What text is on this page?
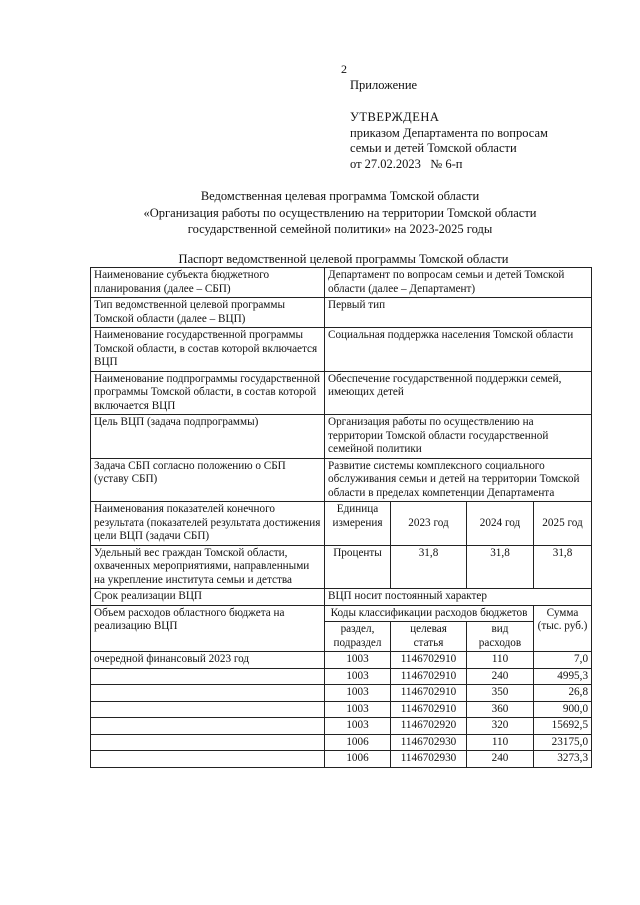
2
Приложение
УТВЕРЖДЕНА
приказом Департамента по вопросам
семьи и детей Томской области
от 27.02.2023   № 6-п
Ведомственная целевая программа Томской области
«Организация работы по осуществлению на территории Томской области
государственной семейной политики» на 2023-2025 годы
Паспорт ведомственной целевой программы Томской области
Наименование субъекта бюджетного планирования (далее – СБП)	Департамент по вопросам семьи и детей Томской области (далее – Департамент)			
Тип ведомственной целевой программы Томской области (далее – ВЦП)	Первый тип			
Наименование государственной программы Томской области, в состав которой включается ВЦП	Социальная поддержка населения Томской области			
Наименование подпрограммы государственной программы Томской области, в состав которой включается ВЦП	Обеспечение государственной поддержки семей, имеющих детей			
Цель ВЦП (задача подпрограммы)	Организация работы по осуществлению на территории Томской области государственной семейной политики			
Задача СБП согласно положению о СБП (уставу СБП)	Развитие системы комплексного социального обслуживания семьи и детей на территории Томской области в пределах компетенции Департамента			
Наименования показателей конечного результата (показателей результата достижения цели ВЦП (задачи СБП)	Единица измерения	2023 год	2024 год	2025 год
Удельный вес граждан Томской области, охваченных мероприятиями, направленными на укрепление института семьи и детства	Проценты	31,8	31,8	31,8
Срок реализации ВЦП	ВЦП носит постоянный характер			
Объем расходов областного бюджета на реализацию ВЦП	Коды классификации расходов бюджетов			Сумма (тыс. руб.)
	раздел, подраздел	целевая статья	вид расходов	
очередной финансовый 2023 год	1003	1146702910	110	7,0
	1003	1146702910	240	4995,3
	1003	1146702910	350	26,8
	1003	1146702910	360	900,0
	1003	1146702920	320	15692,5
	1006	1146702930	110	23175,0
	1006	1146702930	240	3273,3
